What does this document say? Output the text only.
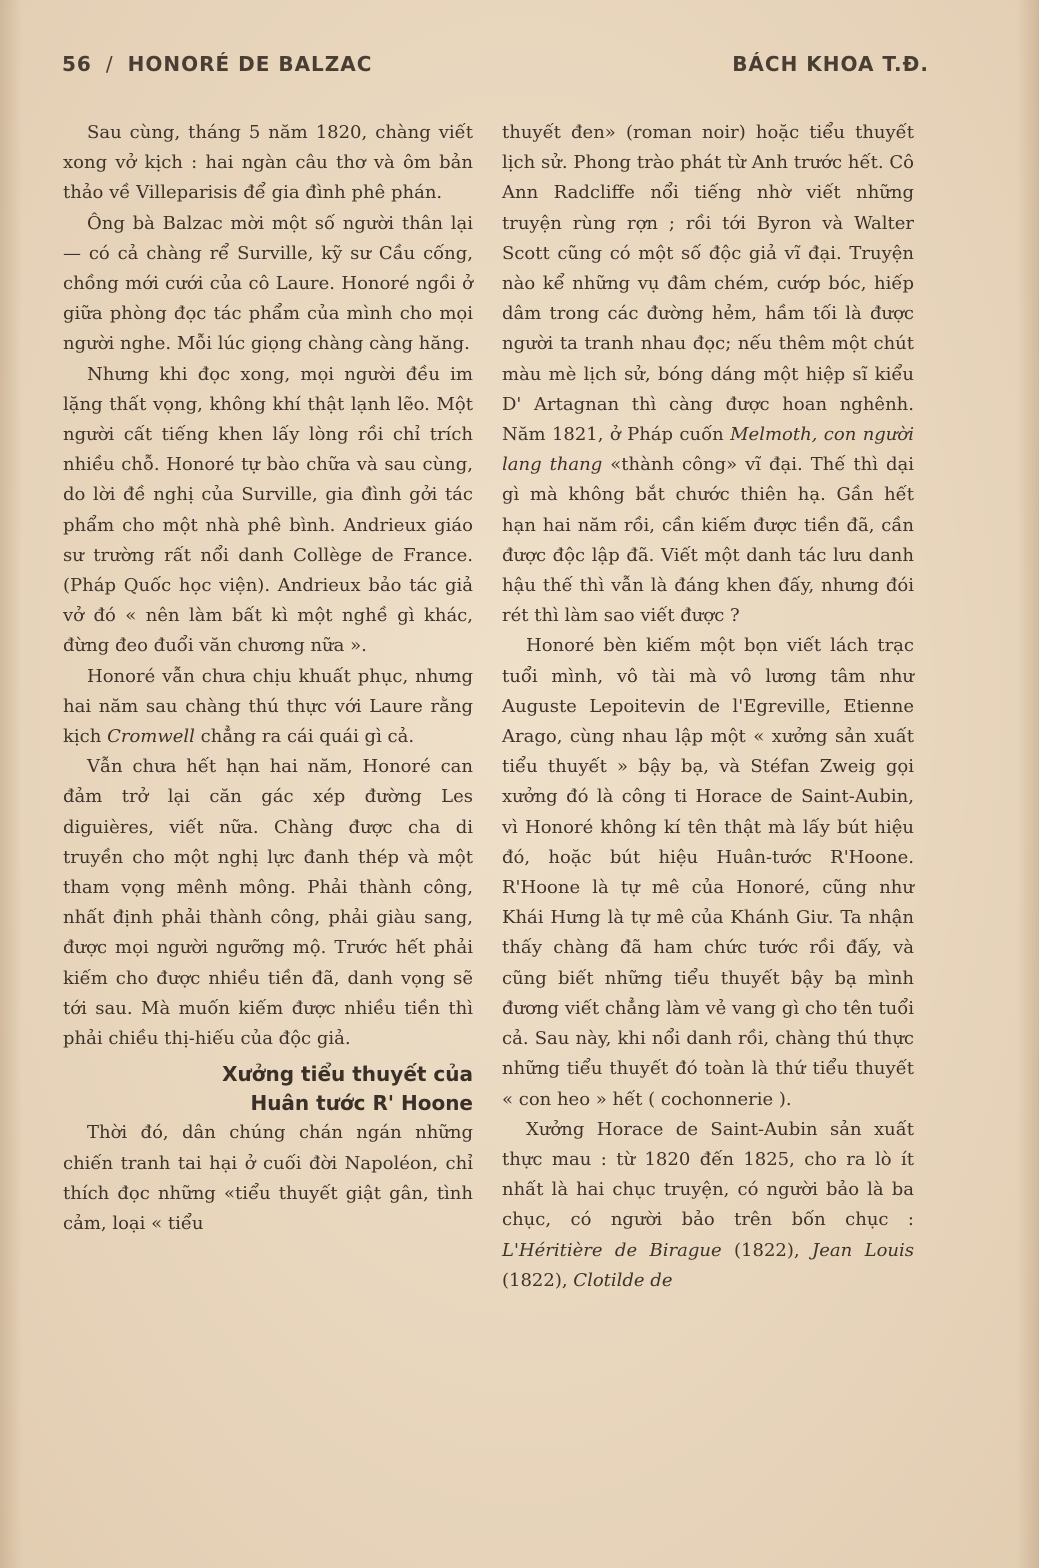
56 / HONORÉ DE BALZAC	BÁCH KHOA T.Đ.

Sau cùng, tháng 5 năm 1820, chàng viết xong vở kịch : hai ngàn câu thơ và ôm bản thảo về Villeparisis để gia đình phê phán.

Ông bà Balzac mời một số người thân lại — có cả chàng rể Surville, kỹ sư Cầu cống, chồng mới cưới của cô Laure. Honoré ngồi ở giữa phòng đọc tác phẩm của mình cho mọi người nghe. Mỗi lúc giọng chàng càng hăng.

Nhưng khi đọc xong, mọi người đều im lặng thất vọng, không khí thật lạnh lẽo. Một người cất tiếng khen lấy lòng rồi chỉ trích nhiều chỗ. Honoré tự bào chữa và sau cùng, do lời đề nghị của Surville, gia đình gởi tác phẩm cho một nhà phê bình. Andrieux giáo sư trường rất nổi danh Collège de France. (Pháp Quốc học viện). Andrieux bảo tác giả vở đó « nên làm bất kì một nghề gì khác, đừng đeo đuổi văn chương nữa ».

Honoré vẫn chưa chịu khuất phục, nhưng hai năm sau chàng thú thực với Laure rằng kịch Cromwell chẳng ra cái quái gì cả.

Vẫn chưa hết hạn hai năm, Honoré can đảm trở lại căn gác xép đường Les diguières, viết nữa. Chàng được cha di truyền cho một nghị lực đanh thép và một tham vọng mênh mông. Phải thành công, nhất định phải thành công, phải giàu sang, được mọi người ngưỡng mộ. Trước hết phải kiếm cho được nhiều tiền đã, danh vọng sẽ tới sau. Mà muốn kiếm được nhiều tiền thì phải chiều thị-hiếu của độc giả.

Xưởng tiểu thuyết của
Huân tước R' Hoone

Thời đó, dân chúng chán ngán những chiến tranh tai hại ở cuối đời Napoléon, chỉ thích đọc những «tiểu thuyết giật gân, tình cảm, loại « tiểu

thuyết đen» (roman noir) hoặc tiểu thuyết lịch sử. Phong trào phát từ Anh trước hết. Cô Ann Radcliffe nổi tiếng nhờ viết những truyện rùng rợn ; rồi tới Byron và Walter Scott cũng có một số độc giả vĩ đại. Truyện nào kể những vụ đâm chém, cướp bóc, hiếp dâm trong các đường hẻm, hầm tối là được người ta tranh nhau đọc; nếu thêm một chút màu mè lịch sử, bóng dáng một hiệp sĩ kiểu D' Artagnan thì càng được hoan nghênh. Năm 1821, ở Pháp cuốn Melmoth, con người lang thang «thành công» vĩ đại. Thế thì dại gì mà không bắt chước thiên hạ. Gần hết hạn hai năm rồi, cần kiếm được tiền đã, cần được độc lập đã. Viết một danh tác lưu danh hậu thế thì vẫn là đáng khen đấy, nhưng đói rét thì làm sao viết được ?

Honoré bèn kiếm một bọn viết lách trạc tuổi mình, vô tài mà vô lương tâm như Auguste Lepoitevin de l'Egreville, Etienne Arago, cùng nhau lập một « xưởng sản xuất tiểu thuyết » bậy bạ, và Stéfan Zweig gọi xưởng đó là công ti Horace de Saint-Aubin, vì Honoré không kí tên thật mà lấy bút hiệu đó, hoặc bút hiệu Huân-tước R'Hoone. R'Hoone là tự mê của Honoré, cũng như Khái Hưng là tự mê của Khánh Giư. Ta nhận thấy chàng đã ham chức tước rồi đấy, và cũng biết những tiểu thuyết bậy bạ mình đương viết chẳng làm vẻ vang gì cho tên tuổi cả. Sau này, khi nổi danh rồi, chàng thú thực những tiểu thuyết đó toàn là thứ tiểu thuyết « con heo » hết ( cochonnerie ).

Xưởng Horace de Saint-Aubin sản xuất thực mau : từ 1820 đến 1825, cho ra lò ít nhất là hai chục truyện, có người bảo là ba chục, có người bảo trên bốn chục : L'Héritière de Birague (1822), Jean Louis (1822), Clotilde de
